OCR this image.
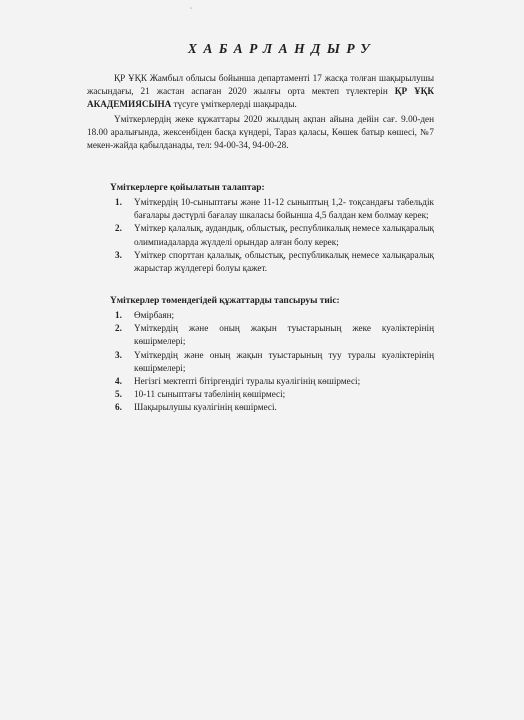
ˇ
ХАБАРЛАНДЫРУ
ҚР ҰҚК Жамбыл облысы бойынша департаменті 17 жасқа толған шақырылушы жасындағы, 21 жастан аспаған 2020 жылғы орта мектеп түлектерін ҚР ҰҚК АКАДЕМИЯСЫНА түсуге үміткерлерді шақырады.
Үміткерлердің жеке құжаттары 2020 жылдың ақпан айына дейін сағ. 9.00-ден 18.00 аралығында, жексенбіден басқа күндері, Тараз қаласы, Көшек батыр көшесі, №7 мекен-жайда қабылданады, тел: 94-00-34, 94-00-28.
Үміткерлерге қойылатын талаптар:
1. Үміткердің 10-сыныптағы және 11-12 сыныптың 1,2- тоқсандағы табельдік бағалары дәстүрлі бағалау шкаласы бойынша 4,5 балдан кем болмау керек;
2. Үміткер қалалық, аудандық, облыстық, республикалық немесе халықаралық олимпиадаларда жүлделі орындар алған болу керек;
3. Үміткер спорттан қалалық, облыстық, республикалық немесе халықаралық жарыстар жүлдегері болуы қажет.
Үміткерлер төмендегідей құжаттарды тапсыруы тиіс:
1. Өмірбаян;
2. Үміткердің және оның жақын туыстарының жеке куәліктерінің көшірмелері;
3. Үміткердің және оның жақын туыстарының туу туралы куәліктерінің көшірмелері;
4. Негізгі мектепті бітіргендігі туралы куәлігінің көшірмесі;
5. 10-11 сыныптағы табелінің көшірмесі;
6. Шақырылушы куәлігінің көшірмесі.
